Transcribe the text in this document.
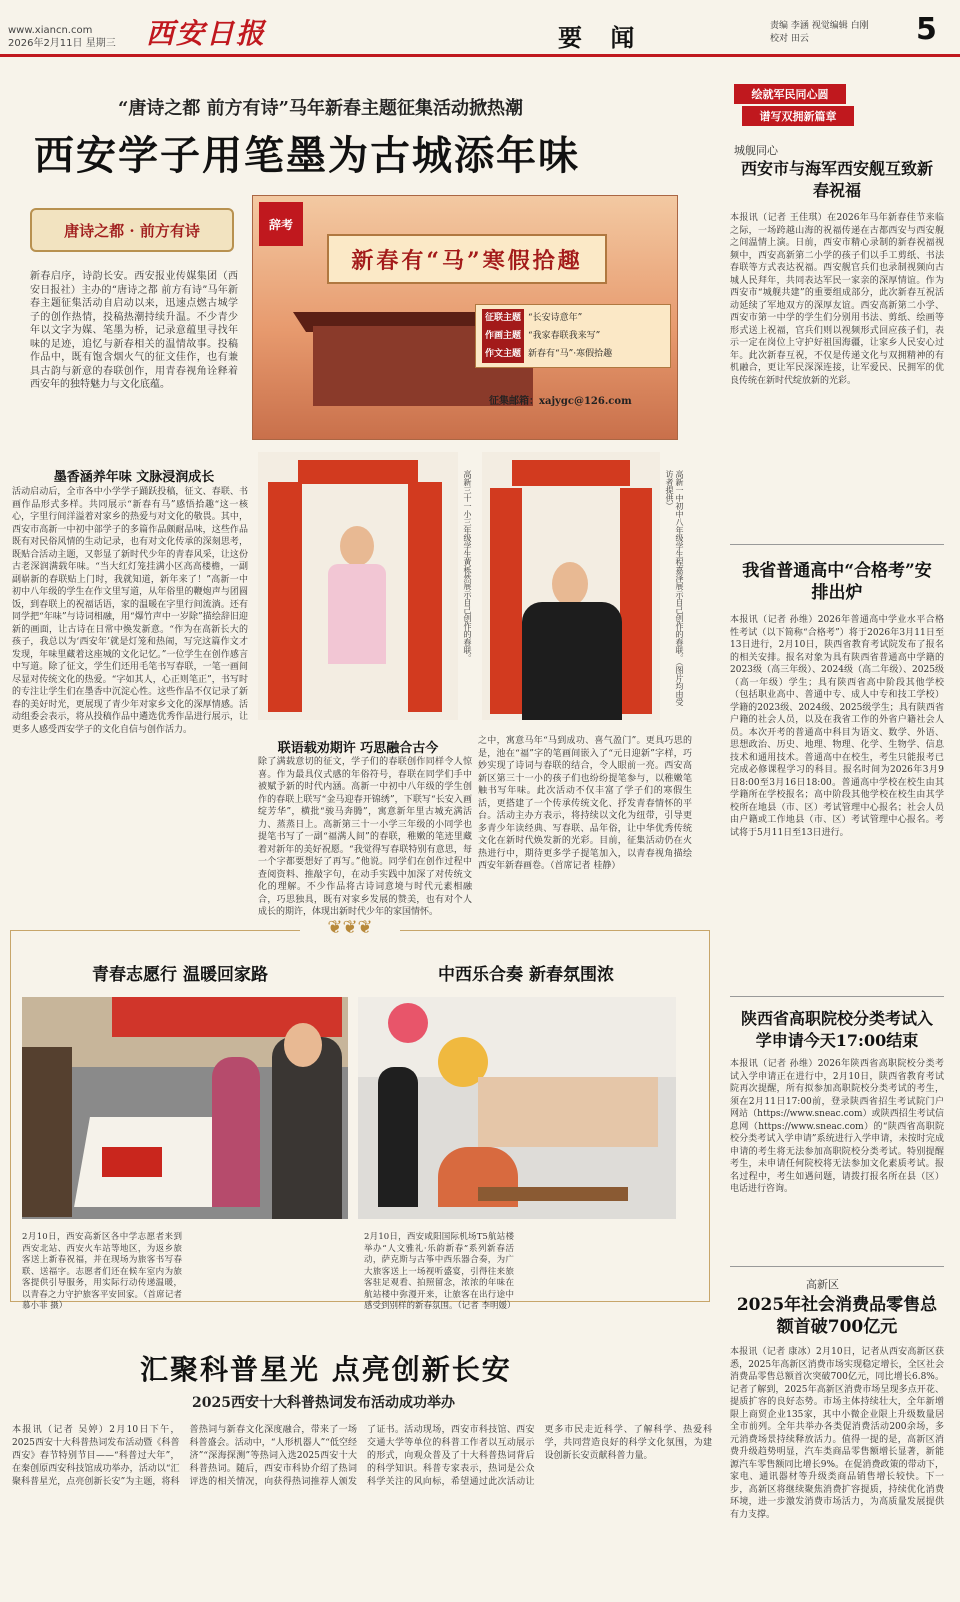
www.xiancn.com
2026年2月11日 星期三 西安日报	要 闻	责编 李涵 视觉编辑 白刚
校对 田云	5
“唐诗之都 前方有诗”马年新春主题征集活动掀热潮
西安学子用笔墨为古城添年味
唐诗之都 · 前方有诗
新春启序，诗韵长安。西安报业传媒集团（西安日报社）主办的“唐诗之都 前方有诗”马年新春主题征集活动自启动以来，迅速点燃古城学子的创作热情，投稿热潮持续升温。不少青少年以文字为媒、笔墨为桥，记录意蕴里寻找年味的足迹，追忆与新春相关的温情故事。投稿作品中，既有饱含烟火气的征文佳作，也有兼具古韵与新意的春联创作，用青春视角诠释着西安年的独特魅力与文化底蕴。
辞考
新春有“马”寒假拾趣
征联主题 “长安诗意年”
作画主题 “我家春联我来写”
作文主题 新春有“马”·寒假拾趣
征集邮箱：xajygc@126.com
墨香涵养年味 文脉浸润成长
活动启动后，全市各中小学学子踊跃投稿，征文、春联、书画作品形式多样。共同展示“新春有马”感悟拾趣“这一核心，字里行间洋溢着对家乡的热爱与对文化的敬畏。其中，西安市高新一中初中部学子的多篇作品颇耐品味，这些作品既有对民俗风情的生动记录，也有对文化传承的深刻思考，既贴合活动主题，又彰显了新时代少年的青春风采，让这份古老深润满载年味。“当大红灯笼挂满小区高高楼檐，一副副崭新的春联贴上门时，我就知道，新年来了！”高新一中初中八年级的学生在作文里写道，从年俗里的鞭炮声与团圆饭，到春联上的祝福话语，家的温暖在字里行间流淌。还有同学把“年味”与诗词相融，用“爆竹声中一岁除”描绘辞旧迎新的画面，让古诗在日常中焕发新意。“作为在高新长大的孩子，我总以为‘西安年’就是灯笼和热闹，写完这篇作文才发现，年味里藏着这座城的文化记忆。”一位学生在创作感言中写道。除了征文，学生们还用毛笔书写春联，一笔一画间尽显对传统文化的热爱。“字如其人，心正则笔正”，书写时的专注让学生们在墨香中沉淀心性。这些作品不仅记录了新春的美好时光，更展现了青少年对家乡文化的深厚情感。活动组委会表示，将从投稿作品中遴选优秀作品进行展示，让更多人感受西安学子的文化自信与创作活力。
高新三十一小三年级学生黄栎然展示自己创作的春联。	高新一中初中八年级学生程嘉泽展示自己创作的春联。（图片均由受访者提供）
联语载劝期许 巧思融合古今
除了满载意切的征文，学子们的春联创作同样令人惊喜。作为最具仪式感的年俗符号，春联在同学们手中被赋予新的时代内涵。高新一中初中八年级的学生创作的春联上联写“金马迎春开锦绣”，下联写“长安入画绽芳华”，横批“骏马奔腾”，寓意新年里古城充满活力、蒸蒸日上。高新第三十一小学三年级的小同学也提笔书写了一副“福满人间”的春联，稚嫩的笔迹里藏着对新年的美好祝愿。“我觉得写春联特别有意思，每一个字都要想好了再写。”他说。同学们在创作过程中查阅资料、推敲字句，在动手实践中加深了对传统文化的理解。不少作品将古诗词意境与时代元素相融合，巧思独具，既有对家乡发展的赞美，也有对个人成长的期许，体现出新时代少年的家国情怀。
之中，寓意马年“马到成功、喜气盈门”。更具巧思的是，池在“福”字的笔画间嵌入了“元日迎新”字样，巧妙实现了诗词与春联的结合，令人眼前一亮。西安高新区第三十一小的孩子们也纷纷提笔参与，以稚嫩笔触书写年味。此次活动不仅丰富了学子们的寒假生活，更搭建了一个传承传统文化、抒发青春情怀的平台。活动主办方表示，将持续以文化为纽带，引导更多青少年读经典、写春联、品年俗，让中华优秀传统文化在新时代焕发新的光彩。目前，征集活动仍在火热进行中，期待更多学子提笔加入，以青春视角描绘西安年新春画卷。（首席记者 桂静）
❦❦❦
青春志愿行 温暖回家路	中西乐合奏 新春氛围浓
2月10日，西安高新区各中学志愿者来到西安北站、西安火车站等地区，为返乡旅客送上新春祝福，并在现场为旅客书写春联、送福字。志愿者们还在候车室内为旅客提供引导服务，用实际行动传递温暖，以青春之力守护旅客平安回家。（首席记者 慕小菲 摄）
2月10日，西安咸阳国际机场T5航站楼举办“人文雅礼·乐韵新春”系列新春活动，萨克斯与古筝中西乐器合奏，为广大旅客送上一场视听盛宴，引得往来旅客驻足观看、拍照留念，浓浓的年味在航站楼中弥漫开来，让旅客在出行途中感受到别样的新春氛围。（记者 李明媛）
汇聚科普星光 点亮创新长安
2025西安十大科普热词发布活动成功举办
本报讯（记者 吴婷）2月10日下午，2025西安十大科普热词发布活动暨《科普西安》春节特别节目——“科普过大年”，在秦创原西安科技馆成功举办，活动以“汇聚科普星光，点亮创新长安”为主题，将科普热词与新春文化深度融合，带来了一场科普盛会。活动中，“人形机器人”“低空经济”“深海探测”等热词入选2025西安十大科普热词。随后，西安市科协介绍了热词评选的相关情况，向获得热词推荐人颁发了证书。活动现场，西安市科技馆、西安交通大学等单位的科普工作者以互动展示的形式，向观众普及了十大科普热词背后的科学知识。科普专家表示，热词是公众科学关注的风向标，希望通过此次活动让更多市民走近科学、了解科学、热爱科学，共同营造良好的科学文化氛围，为建设创新长安贡献科普力量。
绘就军民同心圆
谱写双拥新篇章
城舰同心
西安市与海军西安舰互致新春祝福
本报讯（记者 王佳琪）在2026年马年新春佳节来临之际，一场跨越山海的祝福传递在古都西安与西安舰之间温情上演。日前，西安市精心录制的新春祝福视频中，西安高新第二小学的孩子们以手工剪纸、书法春联等方式表达祝福。西安舰官兵们也录制视频向古城人民拜年，共同表达军民一家亲的深厚情谊。作为西安市“城舰共建”的重要组成部分，此次新春互祝活动延续了军地双方的深厚友谊。西安高新第二小学、西安市第一中学的学生们分别用书法、剪纸、绘画等形式送上祝福，官兵们则以视频形式回应孩子们，表示一定在岗位上守护好祖国海疆，让家乡人民安心过年。此次新春互祝，不仅是传递文化与双拥精神的有机融合，更让军民深深连接，让军爱民、民拥军的优良传统在新时代绽放新的光彩。
我省普通高中“合格考”安排出炉
本报讯（记者 孙维）2026年普通高中学业水平合格性考试（以下简称“合格考”）将于2026年3月11日至13日进行，2月10日，陕西省教育考试院发布了报名的相关安排。报名对象为具有陕西省普通高中学籍的2023级（高三年级）、2024级（高二年级）、2025级（高一年级）学生；具有陕西省高中阶段其他学校（包括职业高中、普通中专、成人中专和技工学校）学籍的2023级、2024级、2025级学生；具有陕西省户籍的社会人员，以及在我省工作的外省户籍社会人员。本次开考的普通高中科目为语文、数学、外语、思想政治、历史、地理、物理、化学、生物学、信息技术和通用技术。普通高中在校生，考生只能报考已完成必修课程学习的科目。报名时间为2026年3月9日8:00至3月16日18:00。普通高中学校在校生由其学籍所在学校报名；高中阶段其他学校在校生由其学校所在地县（市、区）考试管理中心报名；社会人员由户籍或工作地县（市、区）考试管理中心报名。考试将于5月11日至13日进行。
陕西省高职院校分类考试入学申请今天17:00结束
本报讯（记者 孙维）2026年陕西省高职院校分类考试入学申请正在进行中，2月10日，陕西省教育考试院再次提醒，所有拟参加高职院校分类考试的考生，须在2月11日17:00前，登录陕西省招生考试院门户网站（https://www.sneac.com）或陕西招生考试信息网（https://www.sneac.com）的“陕西省高职院校分类考试入学申请”系统进行入学申请，未按时完成申请的考生将无法参加高职院校分类考试。特别提醒考生，未申请任何院校将无法参加文化素质考试。报名过程中，考生如遇问题，请拨打报名所在县（区）电话进行咨询。
高新区
2025年社会消费品零售总额首破700亿元
本报讯（记者 康冰）2月10日，记者从西安高新区获悉，2025年高新区消费市场实现稳定增长，全区社会消费品零售总额首次突破700亿元，同比增长6.8%。记者了解到，2025年高新区消费市场呈现多点开花、提质扩容的良好态势。市场主体持续壮大，全年新增限上商贸企业135家，其中小微企业限上升级数量居全市前列。全年共举办各类促消费活动200余场，多元消费场景持续释放活力。值得一提的是，高新区消费升级趋势明显，汽车类商品零售额增长显著，新能源汽车零售额同比增长9%。在促消费政策的带动下，家电、通讯器材等升级类商品销售增长较快。下一步，高新区将继续聚焦消费扩容提质，持续优化消费环境，进一步激发消费市场活力，为高质量发展提供有力支撑。
